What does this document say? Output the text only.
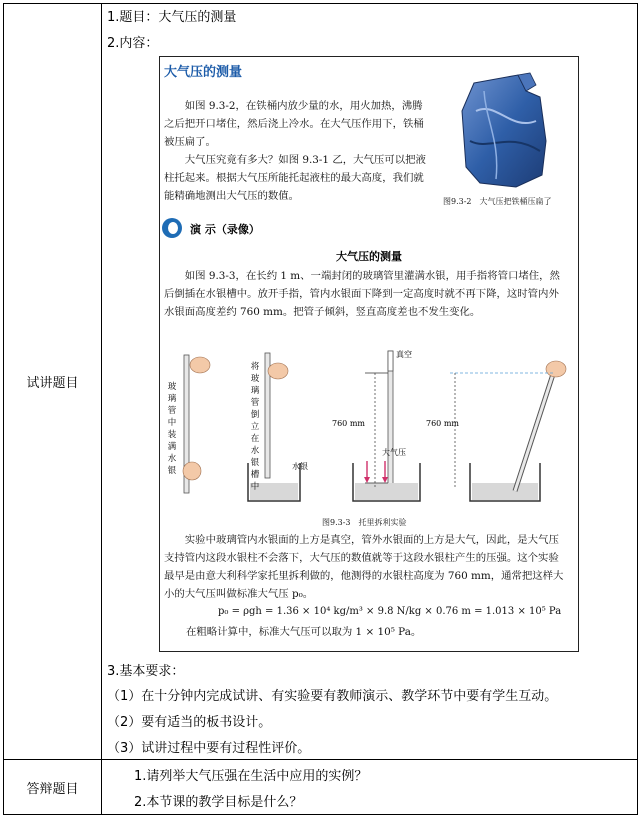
试讲题目
答辩题目
1.题目：大气压的测量
2.内容：
大气压的测量
如图 9.3-2，在铁桶内放少量的水，用火加热，沸腾之后把开口堵住，然后浇上冷水。在大气压作用下，铁桶被压扁了。
大气压究竟有多大？如图 9.3-1 乙，大气压可以把液柱托起来。根据大气压所能托起液柱的最大高度，我们就能精确地测出大气压的数值。	图9.3-2　大气压把铁桶压扁了
演 示（录像）
大气压的测量
如图 9.3-3，在长约 1 m、一端封闭的玻璃管里灌满水银，用手指将管口堵住，然后倒插在水银槽中。放开手指，管内水银面下降到一定高度时就不再下降，这时管内外水银面高度差约 760 mm。把管子倾斜，竖直高度差也不发生变化。
玻璃管中装满水银
将玻璃管倒立在水银槽中
水银
真空
760 mm
大气压
760 mm
图9.3-3　托里拆利实验
实验中玻璃管内水银面的上方是真空，管外水银面的上方是大气，因此，是大气压支持管内这段水银柱不会落下，大气压的数值就等于这段水银柱产生的压强。这个实验最早是由意大利科学家托里拆利做的，他测得的水银柱高度为 760 mm，通常把这样大小的大气压叫做标准大气压 p₀。
p₀ = ρgh = 1.36 × 10⁴ kg/m³ × 9.8 N/kg × 0.76 m = 1.013 × 10⁵ Pa
在粗略计算中，标准大气压可以取为 1 × 10⁵ Pa。
3.基本要求：
（1）在十分钟内完成试讲、有实验要有教师演示、教学环节中要有学生互动。
（2）要有适当的板书设计。
（3）试讲过程中要有过程性评价。
1.请列举大气压强在生活中应用的实例？
2.本节课的教学目标是什么？
